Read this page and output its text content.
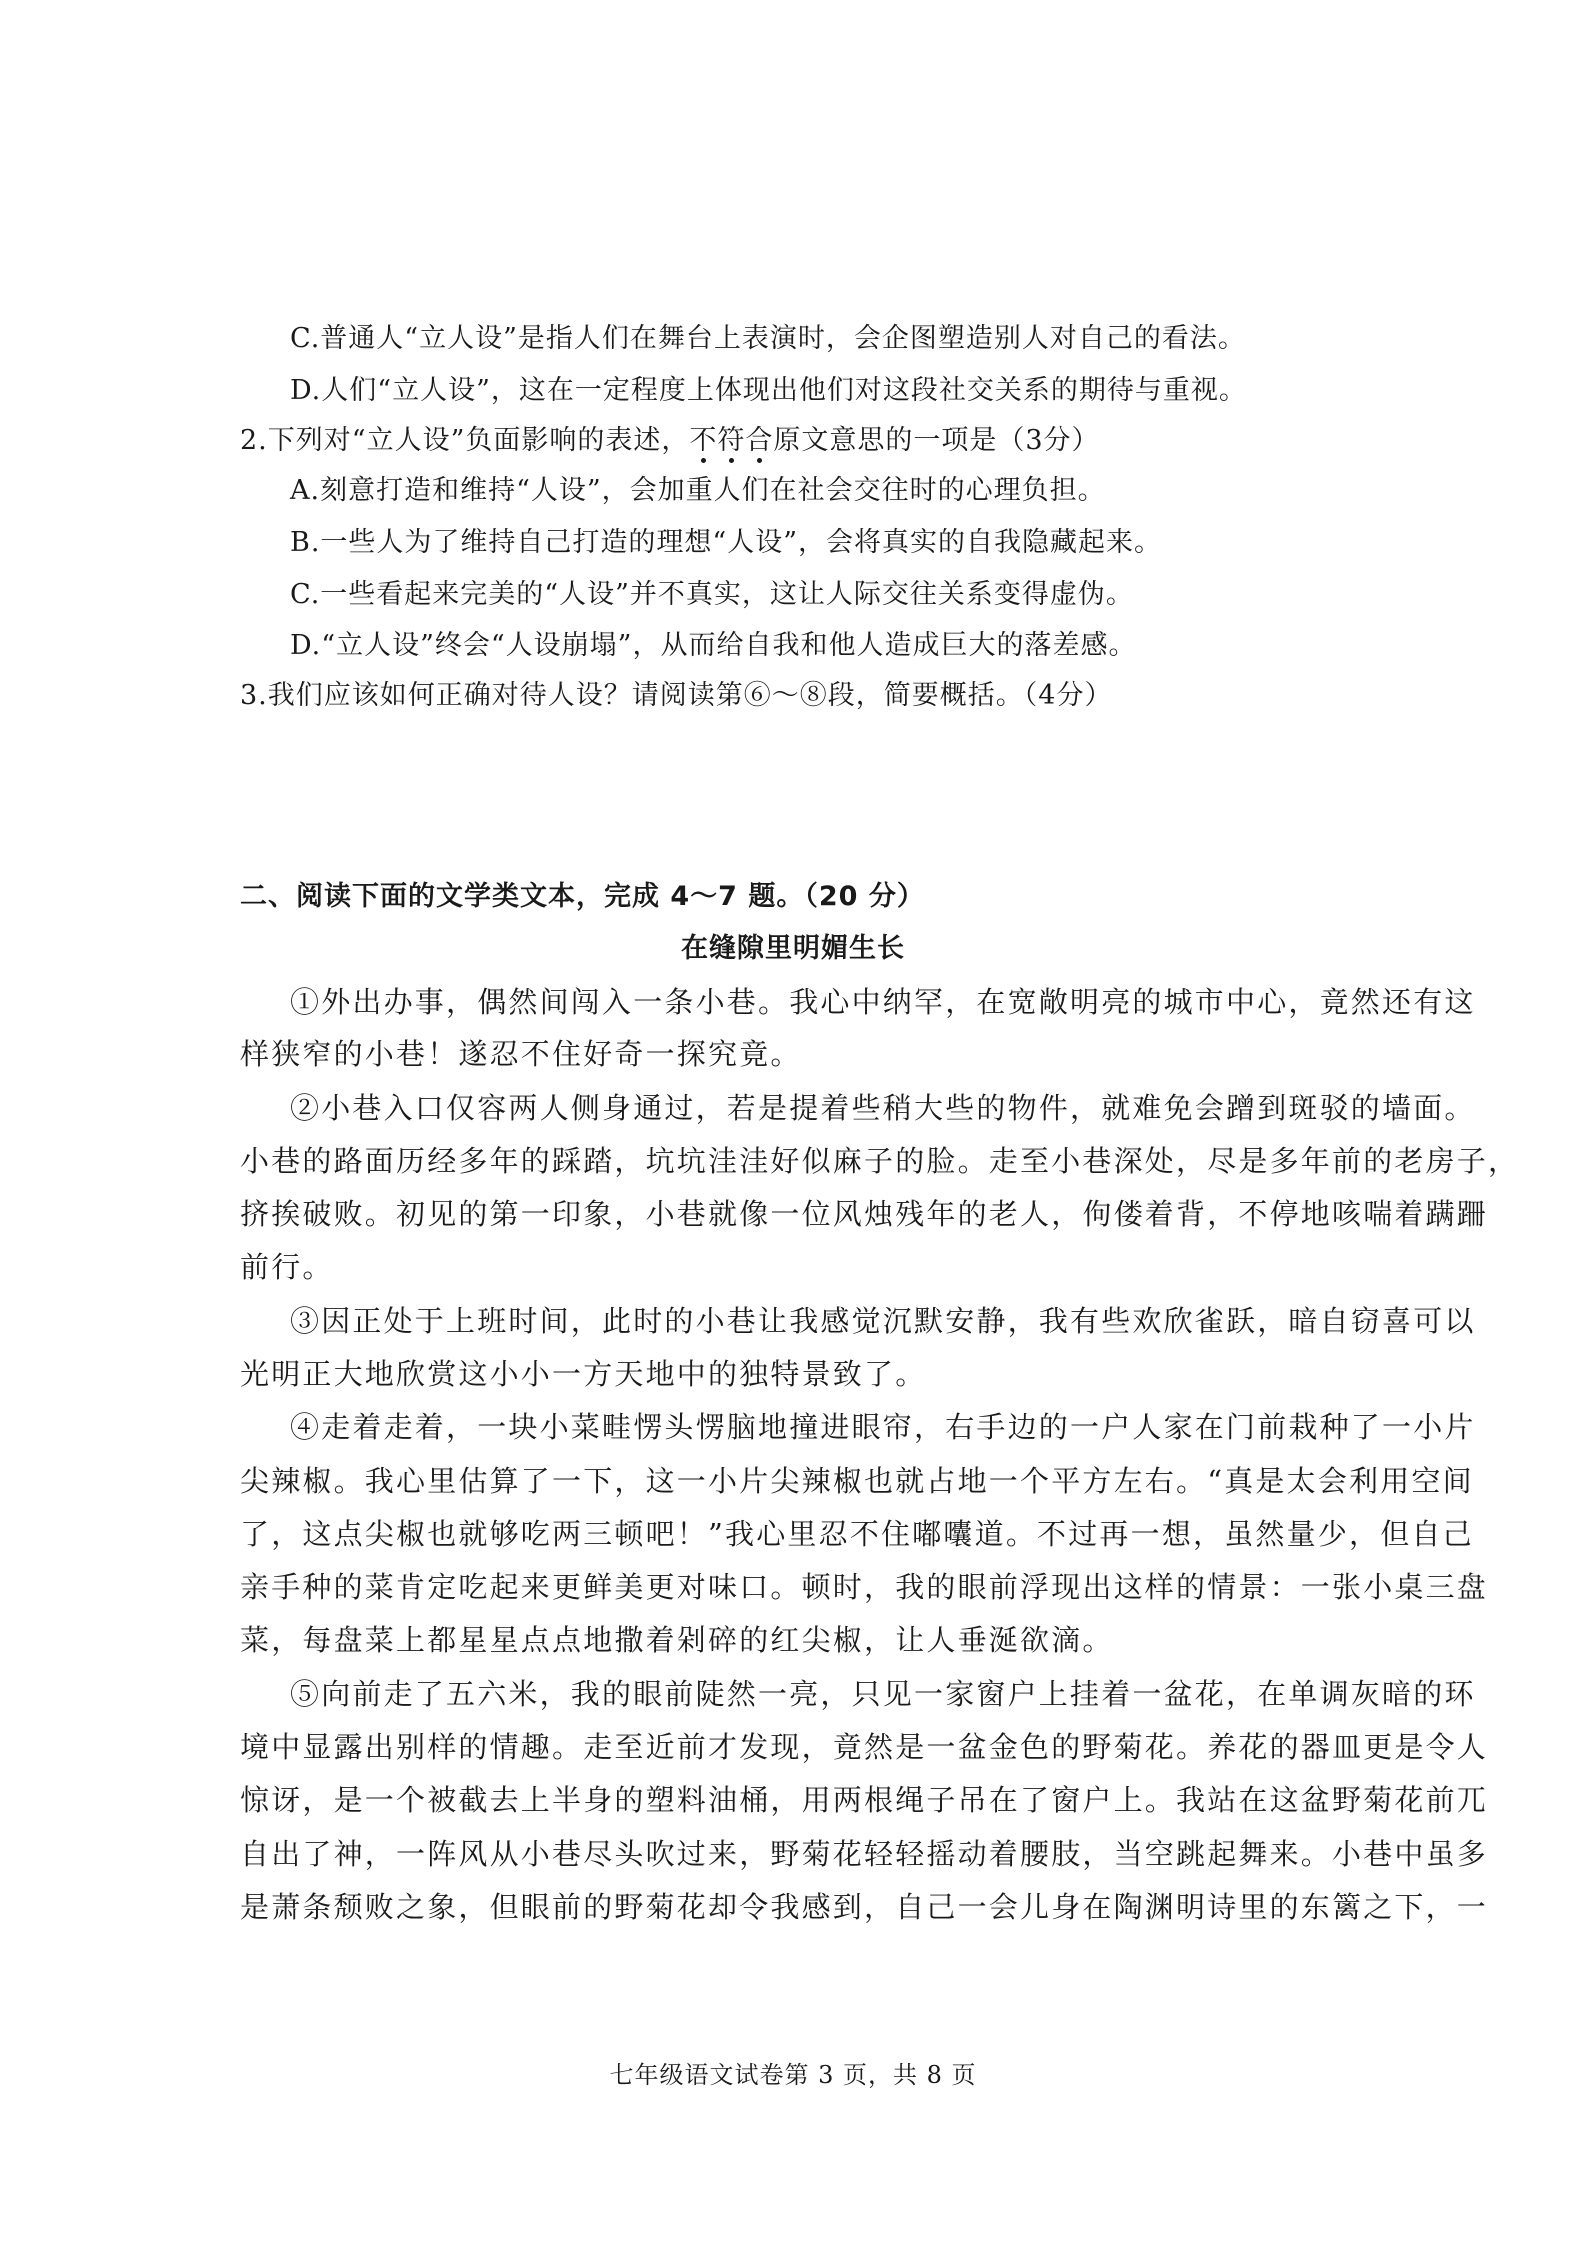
C.普通人“立人设”是指人们在舞台上表演时，会企图塑造别人对自己的看法。
D.人们“立人设”，这在一定程度上体现出他们对这段社交关系的期待与重视。
2.下列对“立人设”负面影响的表述，不符合
原文意思的一项是（3分）
A.刻意打造和维持“人设”，会加重人们在社会交往时的心理负担。
B.一些人为了维持自己打造的理想“人设”，会将真实的自我隐藏起来。
C.一些看起来完美的“人设”并不真实，这让人际交往关系变得虚伪。
D.“立人设”终会“人设崩塌”，从而给自我和他人造成巨大的落差感。
3.我们应该如何正确对待人设？请阅读第⑥～⑧段，简要概括。（4分）
二、阅读下面的文学类文本，完成 4～7 题。（20 分）
在缝隙里明媚生长
①外出办事，偶然间闯入一条小巷。我心中纳罕，在宽敞明亮的城市中心，竟然还有这
样狭窄的小巷！遂忍不住好奇一探究竟。
②小巷入口仅容两人侧身通过，若是提着些稍大些的物件，就难免会蹭到斑驳的墙面。
小巷的路面历经多年的踩踏，坑坑洼洼好似麻子的脸。走至小巷深处，尽是多年前的老房子，
挤挨破败。初见的第一印象，小巷就像一位风烛残年的老人，佝偻着背，不停地咳喘着蹒跚
前行。
③因正处于上班时间，此时的小巷让我感觉沉默安静，我有些欢欣雀跃，暗自窃喜可以
光明正大地欣赏这小小一方天地中的独特景致了。
④走着走着，一块小菜畦愣头愣脑地撞进眼帘，右手边的一户人家在门前栽种了一小片
尖辣椒。我心里估算了一下，这一小片尖辣椒也就占地一个平方左右。“真是太会利用空间
了，这点尖椒也就够吃两三顿吧！”我心里忍不住嘟囔道。不过再一想，虽然量少，但自己
亲手种的菜肯定吃起来更鲜美更对味口。顿时，我的眼前浮现出这样的情景：一张小桌三盘
菜，每盘菜上都星星点点地撒着剁碎的红尖椒，让人垂涎欲滴。
⑤向前走了五六米，我的眼前陡然一亮，只见一家窗户上挂着一盆花，在单调灰暗的环
境中显露出别样的情趣。走至近前才发现，竟然是一盆金色的野菊花。养花的器皿更是令人
惊讶，是一个被截去上半身的塑料油桶，用两根绳子吊在了窗户上。我站在这盆野菊花前兀
自出了神，一阵风从小巷尽头吹过来，野菊花轻轻摇动着腰肢，当空跳起舞来。小巷中虽多
是萧条颓败之象，但眼前的野菊花却令我感到，自己一会儿身在陶渊明诗里的东篱之下，一
七年级语文试卷第 3 页，共 8 页
